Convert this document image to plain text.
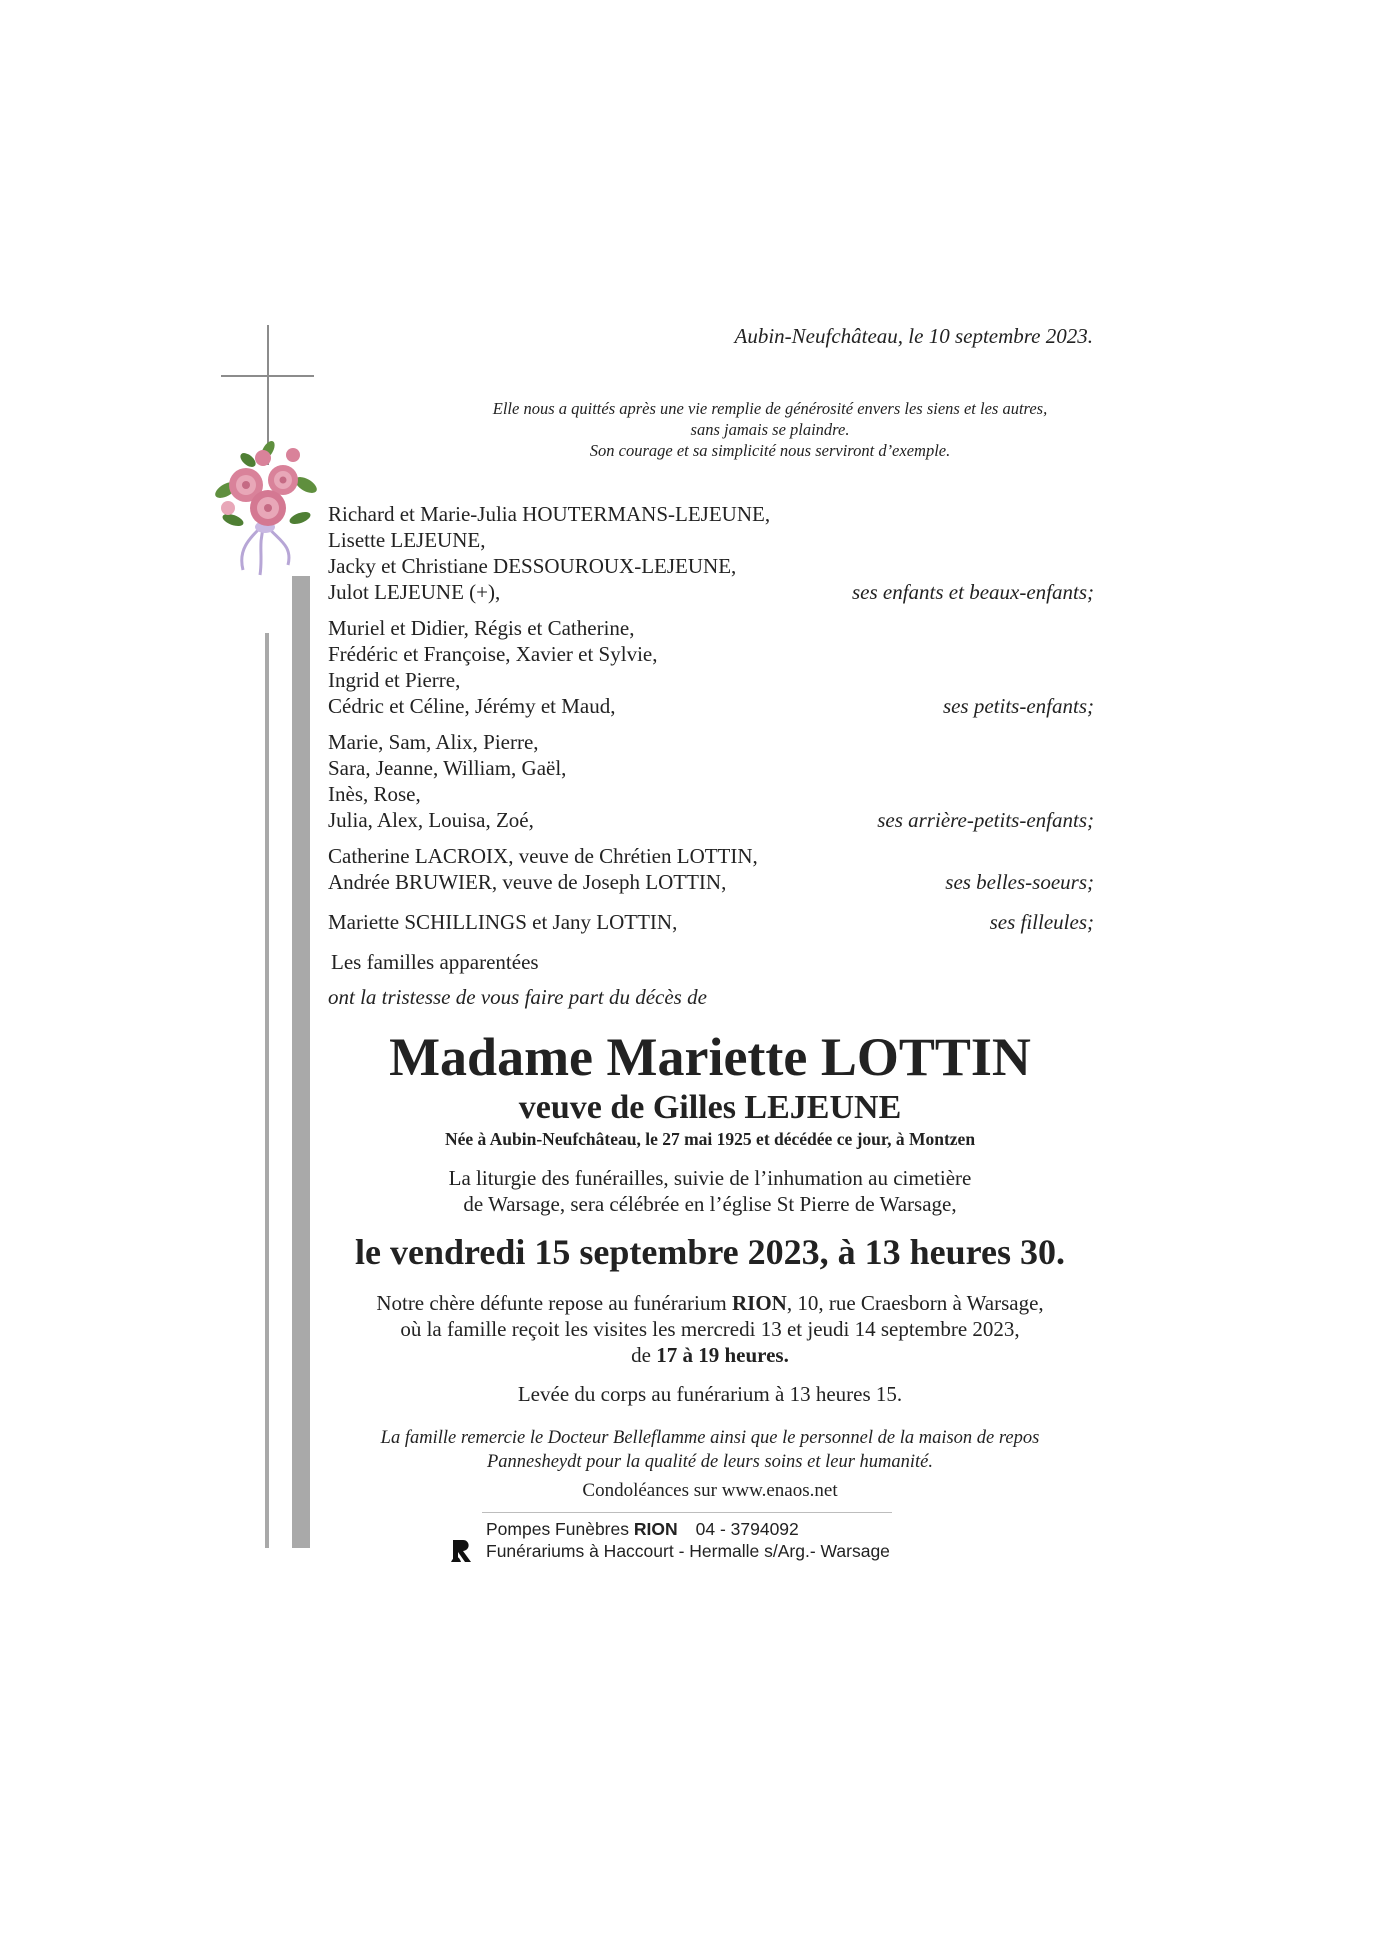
Aubin-Neufchâteau, le 10 septembre 2023.
Elle nous a quittés après une vie remplie de générosité envers les siens et les autres,
sans jamais se plaindre.
Son courage et sa simplicité nous serviront d’exemple.
Richard et Marie-Julia HOUTERMANS-LEJEUNE,
Lisette LEJEUNE,
Jacky et Christiane DESSOUROUX-LEJEUNE,
Julot LEJEUNE (+),	ses enfants et beaux-enfants;
Muriel et Didier, Régis et Catherine,
Frédéric et Françoise, Xavier et Sylvie,
Ingrid et Pierre,
Cédric et Céline, Jérémy et Maud,	ses petits-enfants;
Marie, Sam, Alix, Pierre,
Sara, Jeanne, William, Gaël,
Inès, Rose,
Julia, Alex, Louisa, Zoé,	ses arrière-petits-enfants;
Catherine LACROIX, veuve de Chrétien LOTTIN,
Andrée BRUWIER, veuve de Joseph LOTTIN,	ses belles-soeurs;
Mariette SCHILLINGS et Jany LOTTIN,	ses filleules;
Les familles apparentées
ont la tristesse de vous faire part du décès de
Madame Mariette LOTTIN
veuve de Gilles LEJEUNE
Née à Aubin-Neufchâteau, le 27 mai 1925 et décédée ce jour, à Montzen
La liturgie des funérailles, suivie de l’inhumation au cimetière
de Warsage, sera célébrée en l’église St Pierre de Warsage,
le vendredi 15 septembre 2023, à 13 heures 30.
Notre chère défunte repose au funérarium RION, 10, rue Craesborn à Warsage,
où la famille reçoit les visites les mercredi 13 et jeudi 14 septembre 2023,
de 17 à 19 heures.
Levée du corps au funérarium à 13 heures 15.
La famille remercie le Docteur Belleflamme ainsi que le personnel de la maison de repos
Pannesheydt pour la qualité de leurs soins et leur humanité.
Condoléances sur www.enaos.net
Pompes Funèbres RION 04 - 3794092
Funérariums à Haccourt - Hermalle s/Arg.- Warsage
